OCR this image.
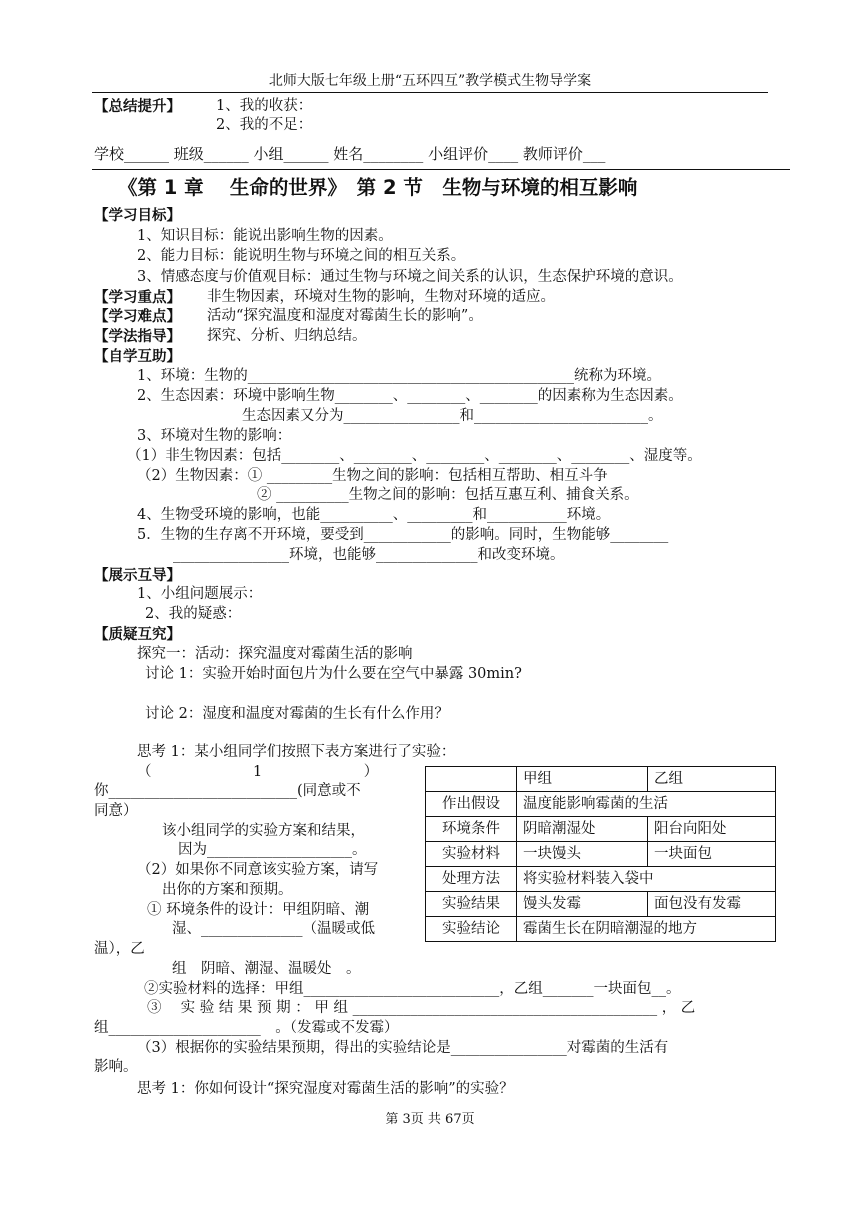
北师大版七年级上册“五环四互”教学模式生物导学案
【总结提升】 1、我的收获：
2、我的不足：
学校______ 班级______ 小组______ 姓名________ 小组评价____ 教师评价___
《第 1 章　 生命的世界》　第 2 节　生物与环境的相互影响
【学习目标】
1、知识目标：能说出影响生物的因素。
2、能力目标：能说明生物与环境之间的相互关系。
3、情感态度与价值观目标：通过生物与环境之间关系的认识，生态保护环境的意识。
【学习重点】 非生物因素，环境对生物的影响，生物对环境的适应。
【学习难点】 活动“探究温度和湿度对霉菌生长的影响”。
【学法指导】 探究、分析、归纳总结。
【自学互助】
1、环境：生物的_____________________________________________统称为环境。
2、生态因素：环境中影响生物________、________、________的因素称为生态因素。
生态因素又分为________________和________________________。
3、环境对生物的影响：
（1）非生物因素：包括________、________、________、________、________、湿度等。
（2）生物因素：① _________生物之间的影响：包括相互帮助、相互斗争
② __________生物之间的影响：包括互惠互利、捕食关系。
4、生物受环境的影响，也能__________、_________和___________环境。
5．生物的生存离不开环境，要受到____________的影响。同时，生物能够________
________________环境，也能够______________和改变环境。
【展示互导】
1、小组问题展示：
2、我的疑惑：
【质疑互究】
探究一：活动：探究温度对霉菌生活的影响
讨论 1：实验开始时面包片为什么要在空气中暴露 30min?
讨论 2：湿度和温度对霉菌的生长有什么作用？
思考 1：某小组同学们按照下表方案进行了实验：
（　　　　　　　1　　　　　　　）
你__________________________(同意或不
同意）
该小组同学的实验方案和结果，
因为____________________。
（2）如果你不同意该实验方案，请写
出你的方案和预期。
① 环境条件的设计：甲组阴暗、潮
湿、______________（温暖或低
温），乙
组　阴暗、潮湿、温暖处　。
②实验材料的选择：甲组___________________________，乙组_______一块面包__。
③　 实 验 结 果 预 期 ： 甲 组 __________________________________________ ， 乙
组_____________________　。（发霉或不发霉）
（3）根据你的实验结果预期，得出的实验结论是________________对霉菌的生活有
影响。
思考 1：你如何设计“探究湿度对霉菌生活的影响”的实验？
	甲组	乙组
作出假设	温度能影响霉菌的生活	
环境条件	阴暗潮湿处	阳台向阳处
实验材料	一块馒头	一块面包
处理方法	将实验材料装入袋中	
实验结果	馒头发霉	面包没有发霉
实验结论	霉菌生长在阴暗潮湿的地方	
第 3页 共 67页
